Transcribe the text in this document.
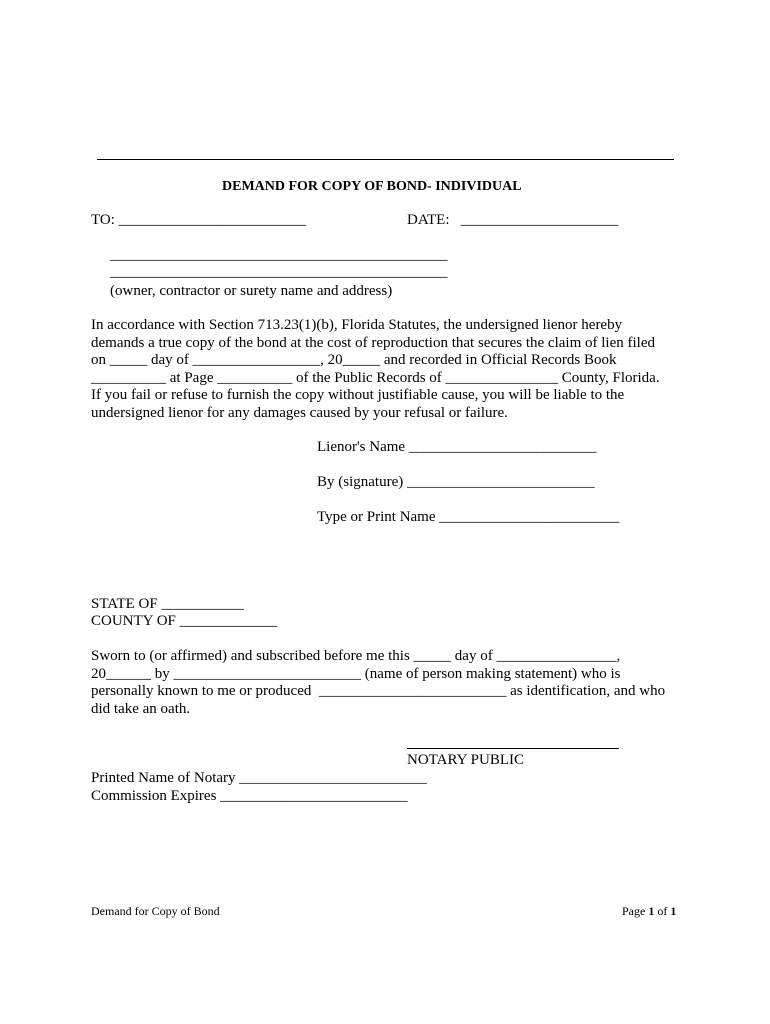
DEMAND FOR COPY OF BOND- INDIVIDUAL
TO: _________________________	DATE:   _____________________
_____________________________________________
_____________________________________________
(owner, contractor or surety name and address)
In accordance with Section 713.23(1)(b), Florida Statutes, the undersigned lienor hereby
demands a true copy of the bond at the cost of reproduction that secures the claim of lien filed
on _____ day of _________________, 20_____ and recorded in Official Records Book
__________ at Page __________ of the Public Records of _______________ County, Florida.
If you fail or refuse to furnish the copy without justifiable cause, you will be liable to the
undersigned lienor for any damages caused by your refusal or failure.
Lienor's Name _________________________
By (signature) _________________________
Type or Print Name ________________________
STATE OF ___________
COUNTY OF _____________
Sworn to (or affirmed) and subscribed before me this _____ day of ________________,
20______ by _________________________ (name of person making statement) who is
personally known to me or produced  _________________________ as identification, and who
did take an oath.
NOTARY PUBLIC
Printed Name of Notary _________________________
Commission Expires _________________________
Demand for Copy of Bond	Page 1 of 1
